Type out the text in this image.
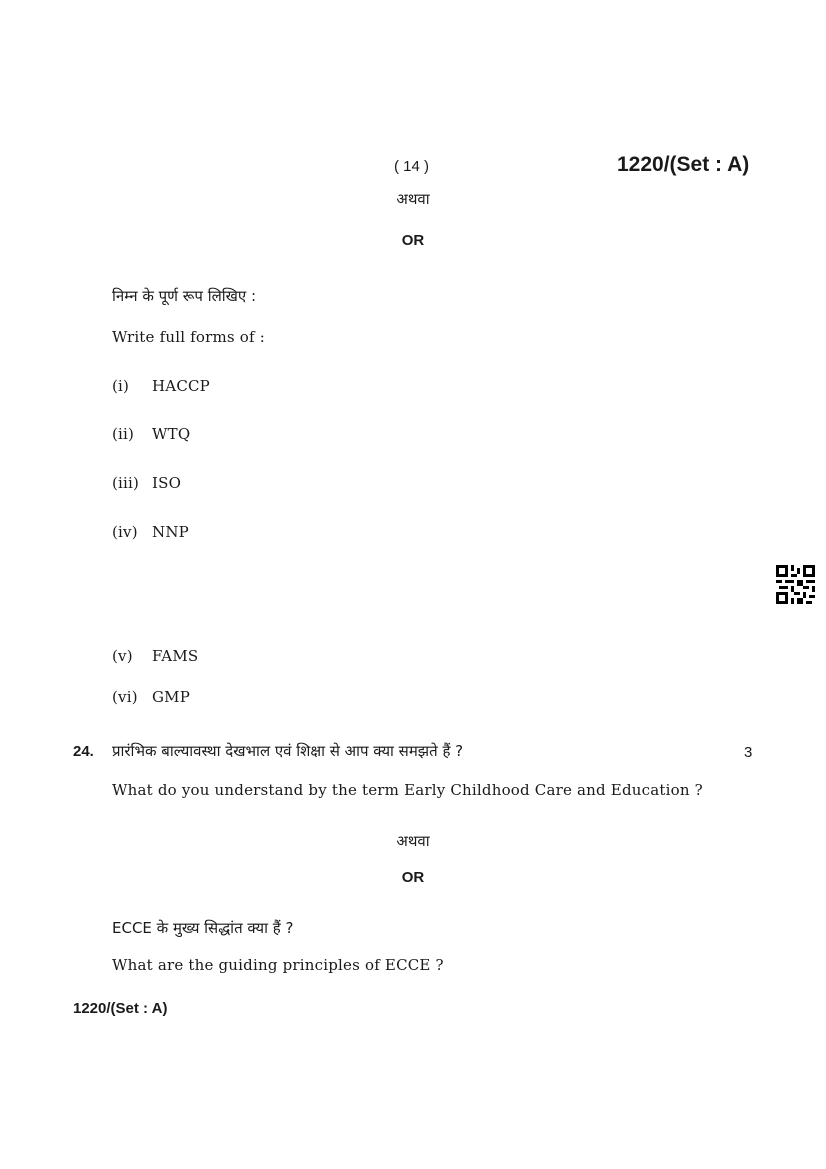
( 14 )	1220/(Set : A)
अथवा
OR
निम्न के पूर्ण रूप लिखिए :
Write full forms of :
(i) HACCP
(ii) WTQ
(iii) ISO
(iv) NNP
(v) FAMS
(vi) GMP
24. प्रारंभिक बाल्यावस्था देखभाल एवं शिक्षा से आप क्या समझते हैं ?	3
What do you understand by the term Early Childhood Care and Education ?
अथवा
OR
ECCE के मुख्य सिद्धांत क्या हैं ?
What are the guiding principles of ECCE ?
1220/(Set : A)
